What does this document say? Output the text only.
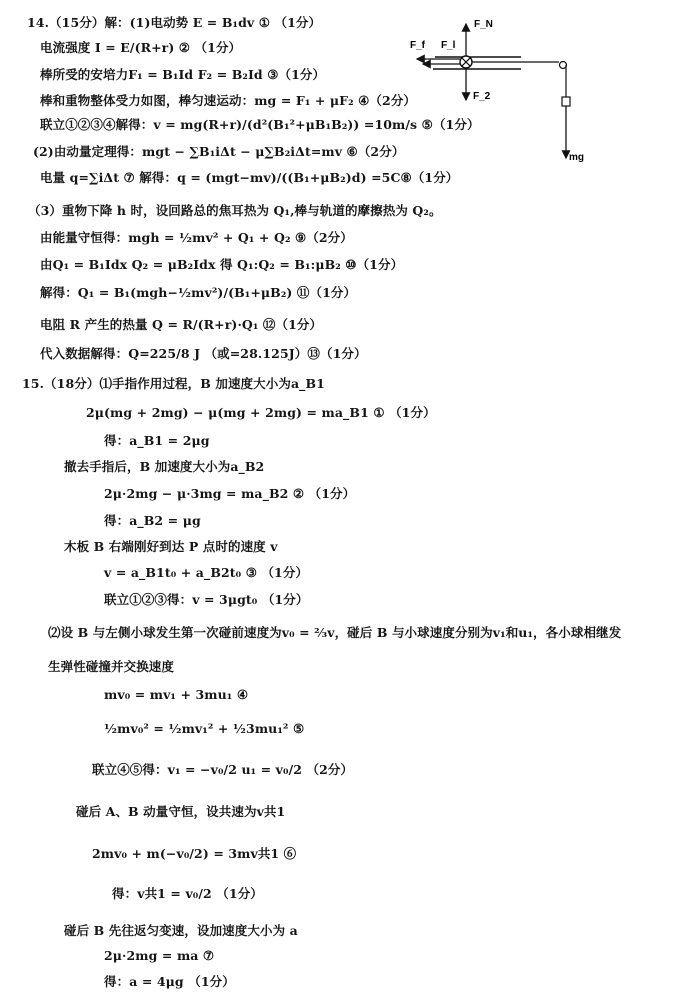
14.（15分）解：(1)电动势 E = B₁dv ① （1分）
电流强度 I = E/(R+r) ② （1分）
棒所受的安培力F₁ = B₁Id F₂ = B₂Id ③（1分）
棒和重物整体受力如图，棒匀速运动：mg = F₁ + μF₂ ④（2分）
联立①②③④解得：v = mg(R+r)/(d²(B₁²+μB₁B₂)) =10m/s ⑤（1分）
(2)由动量定理得：mgt − ∑B₁iΔt − μ∑B₂iΔt=mv ⑥（2分）
电量 q=∑iΔt ⑦ 解得：q = (mgt−mv)/((B₁+μB₂)d) =5C⑧（1分）
（3）重物下降 h 时，设回路总的焦耳热为 Q₁,棒与轨道的摩擦热为 Q₂。
由能量守恒得：mgh = ½mv² + Q₁ + Q₂ ⑨（2分）
由Q₁ = B₁Idx Q₂ = μB₂Idx 得 Q₁:Q₂ = B₁:μB₂ ⑩（1分）
解得：Q₁ = B₁(mgh−½mv²)/(B₁+μB₂) ⑪（1分）
电阻 R 产生的热量 Q = R/(R+r)·Q₁ ⑫（1分）
代入数据解得：Q=225/8 J （或=28.125J）⑬（1分）
15.（18分）⑴手指作用过程，B 加速度大小为a_B1
2μ(mg + 2mg) − μ(mg + 2mg) = ma_B1 ① （1分）
得：a_B1 = 2μg
撤去手指后，B 加速度大小为a_B2
2μ·2mg − μ·3mg = ma_B2 ② （1分）
得：a_B2 = μg
木板 B 右端刚好到达 P 点时的速度 v
v = a_B1t₀ + a_B2t₀ ③ （1分）
联立①②③得：v = 3μgt₀ （1分）
⑵设 B 与左侧小球发生第一次碰前速度为v₀ = ⅔v，碰后 B 与小球速度分别为v₁和u₁，各小球相继发
生弹性碰撞并交换速度
mv₀ = mv₁ + 3mu₁ ④
½mv₀² = ½mv₁² + ½3mu₁² ⑤
联立④⑤得：v₁ = −v₀/2 u₁ = v₀/2 （2分）
碰后 A、B 动量守恒，设共速为v共1
2mv₀ + m(−v₀/2) = 3mv共1 ⑥
得：v共1 = v₀/2 （1分）
碰后 B 先往返匀变速，设加速度大小为 a
2μ·2mg = ma ⑦
得：a = 4μg （1分）
F_N
F_f F_l
F_2
mg
